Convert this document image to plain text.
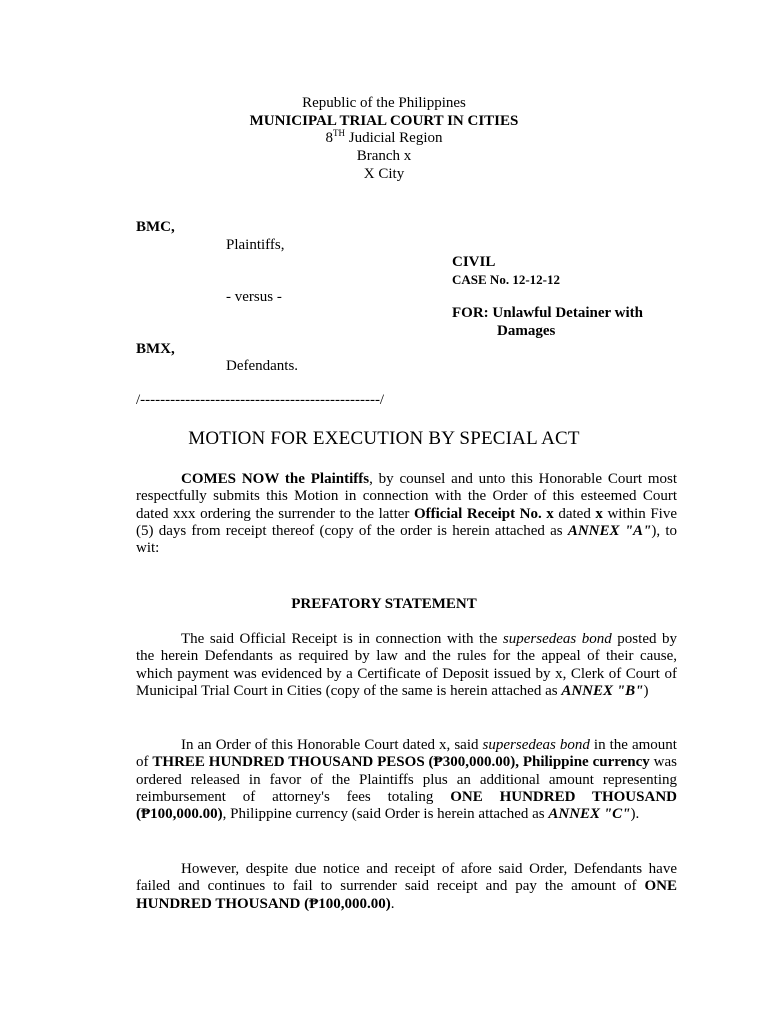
Republic of the Philippines
MUNICIPAL TRIAL COURT IN CITIES
8TH Judicial Region
Branch x
X City
BMC,
Plaintiffs,
CIVIL
CASE No. 12-12-12
- versus -
FOR: Unlawful Detainer with
Damages
BMX,
Defendants.
/------------------------------------------------/
MOTION FOR EXECUTION BY SPECIAL ACT
COMES NOW the Plaintiffs, by counsel and unto this Honorable Court most respectfully submits this Motion in connection with the Order of this esteemed Court dated xxx ordering the surrender to the latter Official Receipt No. x dated x within Five (5) days from receipt thereof (copy of the order is herein attached as ANNEX "A"), to wit:
PREFATORY STATEMENT
The said Official Receipt is in connection with the supersedeas bond posted by the herein Defendants as required by law and the rules for the appeal of their cause, which payment was evidenced by a Certificate of Deposit issued by x, Clerk of Court of Municipal Trial Court in Cities (copy of the same is herein attached as ANNEX "B")
In an Order of this Honorable Court dated x, said supersedeas bond in the amount of THREE HUNDRED THOUSAND PESOS (₱300,000.00), Philippine currency was ordered released in favor of the Plaintiffs plus an additional amount representing reimbursement of attorney's fees totaling ONE HUNDRED THOUSAND (₱100,000.00), Philippine currency (said Order is herein attached as ANNEX "C").
However, despite due notice and receipt of afore said Order, Defendants have failed and continues to fail to surrender said receipt and pay the amount of ONE HUNDRED THOUSAND (₱100,000.00).
